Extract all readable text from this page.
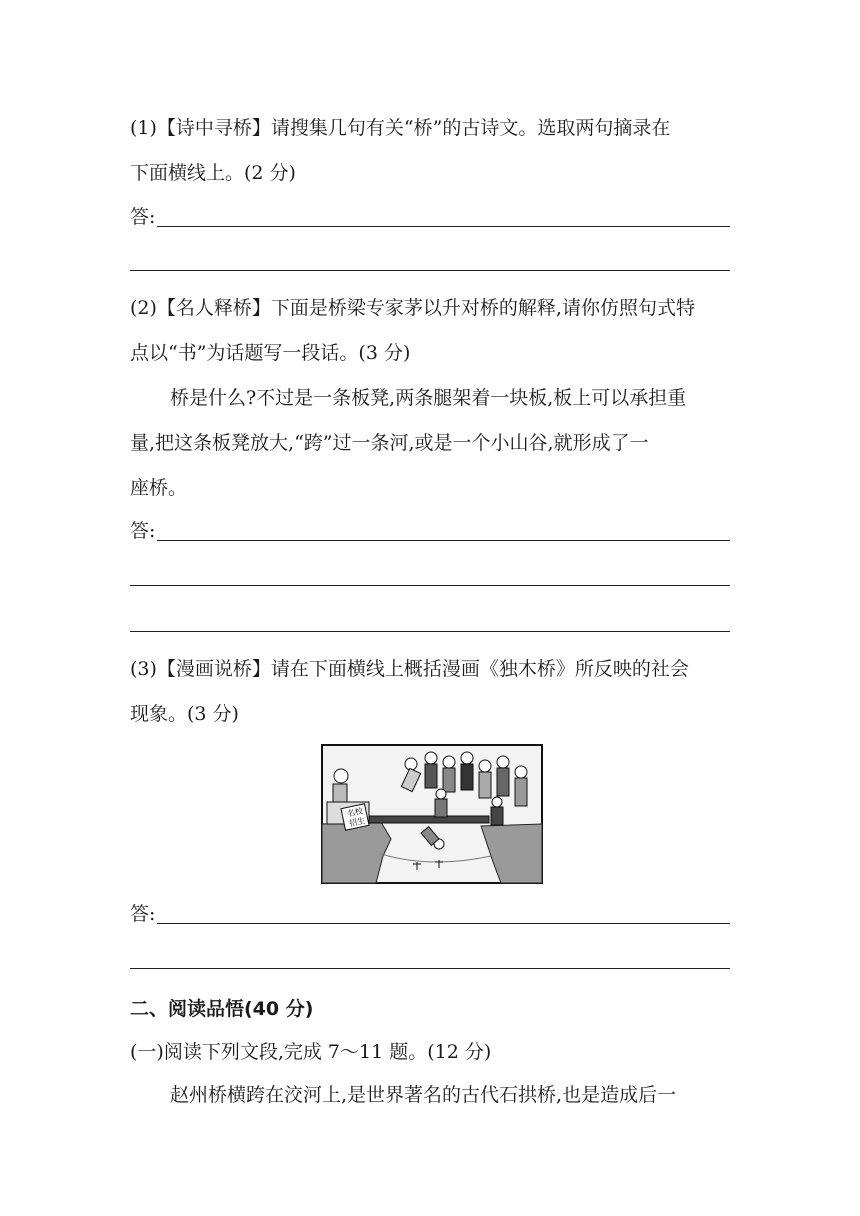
(1)【诗中寻桥】请搜集几句有关“桥”的古诗文。选取两句摘录在
下面横线上。(2 分)
答:
(2)【名人释桥】下面是桥梁专家茅以升对桥的解释,请你仿照句式特
点以“书”为话题写一段话。(3 分)
桥是什么?不过是一条板凳,两条腿架着一块板,板上可以承担重
量,把这条板凳放大,“跨”过一条河,或是一个小山谷,就形成了一
座桥。
答:
(3)【漫画说桥】请在下面横线上概括漫画《独木桥》所反映的社会
现象。(3 分)
名校
招生
答:
二、阅读品悟(40 分)
(一)阅读下列文段,完成 7～11 题。(12 分)
赵州桥横跨在洨河上,是世界著名的古代石拱桥,也是造成后一
